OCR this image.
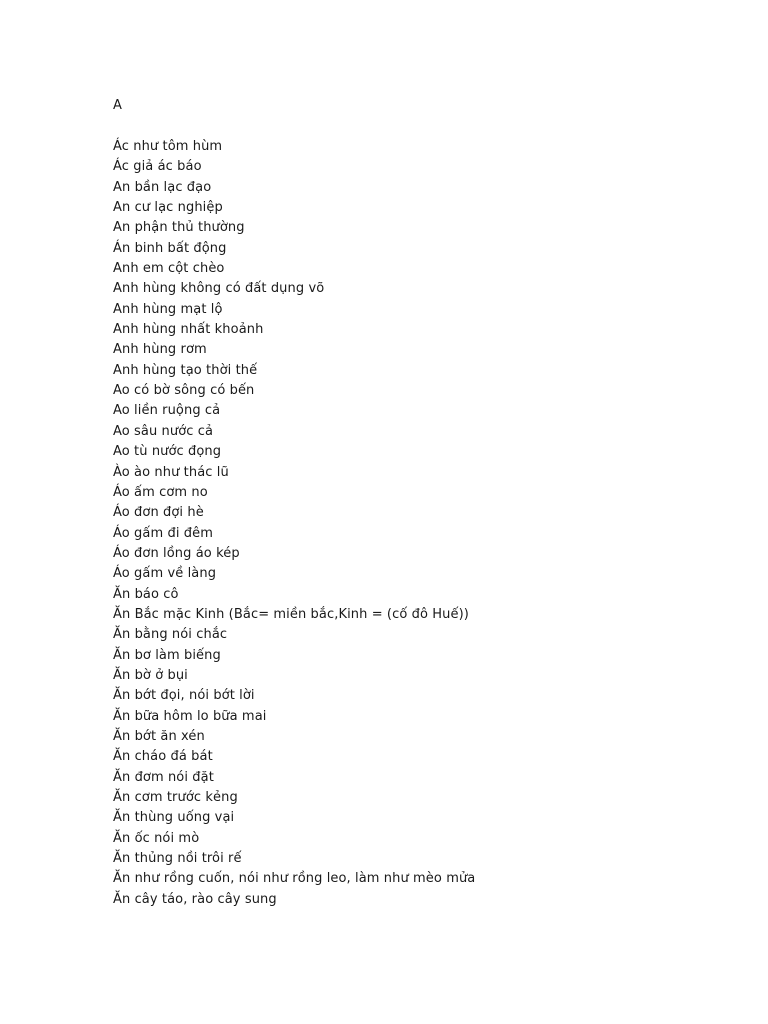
A
Ác như tôm hùm
Ác giả ác báo
An bần lạc đạo
An cư lạc nghiệp
An phận thủ thường
Án binh bất động
Anh em cột chèo
Anh hùng không có đất dụng võ
Anh hùng mạt lộ
Anh hùng nhất khoảnh
Anh hùng rơm
Anh hùng tạo thời thế
Ao có bờ sông có bến
Ao liền ruộng cả
Ao sâu nước cả
Ao tù nước đọng
Ào ào như thác lũ
Áo ấm cơm no
Áo đơn đợi hè
Áo gấm đi đêm
Áo đơn lồng áo kép
Áo gấm về làng
Ăn báo cô
Ăn Bắc mặc Kinh (Bắc= miền bắc,Kinh = (cố đô Huế))
Ăn bằng nói chắc
Ăn bơ làm biếng
Ăn bờ ở bụi
Ăn bớt đọi, nói bớt lời
Ăn bữa hôm lo bữa mai
Ăn bớt ăn xén
Ăn cháo đá bát
Ăn đơm nói đặt
Ăn cơm trước kẻng
Ăn thùng uống vại
Ăn ốc nói mò
Ăn thủng nồi trôi rế
Ăn như rồng cuốn, nói như rồng leo, làm như mèo mửa
Ăn cây táo, rào cây sung
